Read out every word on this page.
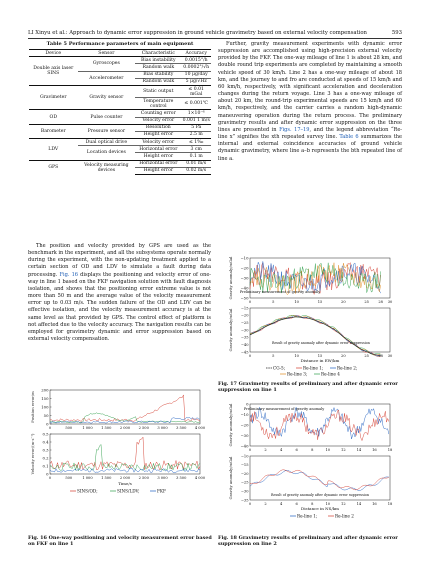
LI Xinyu et al.: Approach to dynamic error suppression in ground vehicle gravimetry based on external velocity compensation	593
Table 5 Performance parameters of main equipment
Device	Sensor	Characteristic	Accuracy
Double axis laser SINS	Gyroscopes	Bias instability	0.0015°/h
		Random walk	0.0002°/√h
	Accelerometer	Bias stability	10 μg/day
		Random walk	5 μg/√Hz
Gravimeter	Gravity sensor	Static output	≤ 0.01 mGal
		Temperature control	≤ 0.001℃
OD	Pulse counter	Counting error	1×10⁻⁶
		Velocity error	0.001 1 m/s
Barometer	Pressure sensor	Resolution	5 Pa
		Height error	2.5 m
LDV	Dual optical drive	Velocity error	≤ 1‰
	Location devices	Horizontal error	3 cm
		Height error	0.1 m
GPS	Velocity measuring devices	Horizontal error	0.01 m/s
		Height error	0.02 m/s

The position and velocity provided by GPS are used as the benchmark in the experiment, and all the subsystems operate normally during the experiment, with the non-updating treatment applied to a certain section of OD and LDV to simulate a fault during data processing. Fig. 16 displays the positioning and velocity error of one-way in line 1 based on the FKF navigation solution with fault diagnosis isolation, and shows that the positioning error extreme value is not more than 50 m and the average value of the velocity measurement error up to 0.03 m/s. The sudden failure of the OD and LDV can be effective isolation, and the velocity measurement accuracy is at the same level as that provided by GPS. The control effect of platform is not affected due to the velocity accuracy. The navigation results can be employed for gravimetry dynamic and error suppression based on external velocity compensation.

200
150
100
50
0
Position error/m
0	500	1 000 1 500 2 000 2 500 3 000 3 500 4 000
0.5
0.4
0.3
0.2
0.1
0
Velocity error/(m·s⁻¹)
0	500	1 000 1 500 2 000 2 500 3 000 3 500 4 000
Time/s
SINS/OD;	SINS/LDV;	FKF
Fig. 16 One-way positioning and velocity measurement error based on FKF on line 1

Further, gravity measurement experiments with dynamic error suppression are accomplished using high-precision external velocity provided by the FKF. The one-way mileage of line 1 is about 28 km, and double round trip experiments are completed by maintaining a smooth vehicle speed of 30 km/h. Line 2 has a one-way mileage of about 18 km, and the journey to and fro are conducted at speeds of 15 km/h and 60 km/h, respectively, with significant acceleration and deceleration changes during the return voyage. Line 3 has a one-way mileage of about 20 km, the round-trip experimental speeds are 15 km/h and 60 km/h, respectively, and the carrier carries a random high-dynamic maneuvering operation during the return process. The preliminary gravimetry results and after dynamic error suppression on the three lines are presented in Figs. 17–19, and the legend abbreviation “Re-line x” signifies the xth repeated survey line. Table 6 summarizes the internal and external coincidence accuracies of ground vehicle dynamic gravimetry, where line a–b represents the bth repeated line of line a.

−10
−20
−30
−40
−50
Preliminary measurement of gravity anomaly
0	5	10	15	20	25	28 30
Gravity anomaly/mGal
−15
−20
−25
−30
−35
−40
−45
Result of gravity anomaly after dynamic error suppression
0	5	10	15	20	25	28 30
Distance in EW/km
Gravity anomaly/mGal
CG-5;	Re-line 1;	Re-line 2;
Re-line 3;	Re-line 4
Fig. 17 Gravimetry results of preliminary and after dynamic error suppression on line 1
0
−10
−20
−30
−40
Preliminary measurement of gravity anomaly
0	2	4	6	8	10	12	14	16	18
Gravity anomaly/mGal
−10
−15
−20
−25
−30
−35
Result of gravity anomaly after dynamic error suppression
0	2	4	6	8	10	12	14	16	18
Distance in NS/km
Gravity anomaly/mGal
Re-line 1;	Re-line 2
Fig. 18 Gravimetry results of preliminary and after dynamic error suppression on line 2
